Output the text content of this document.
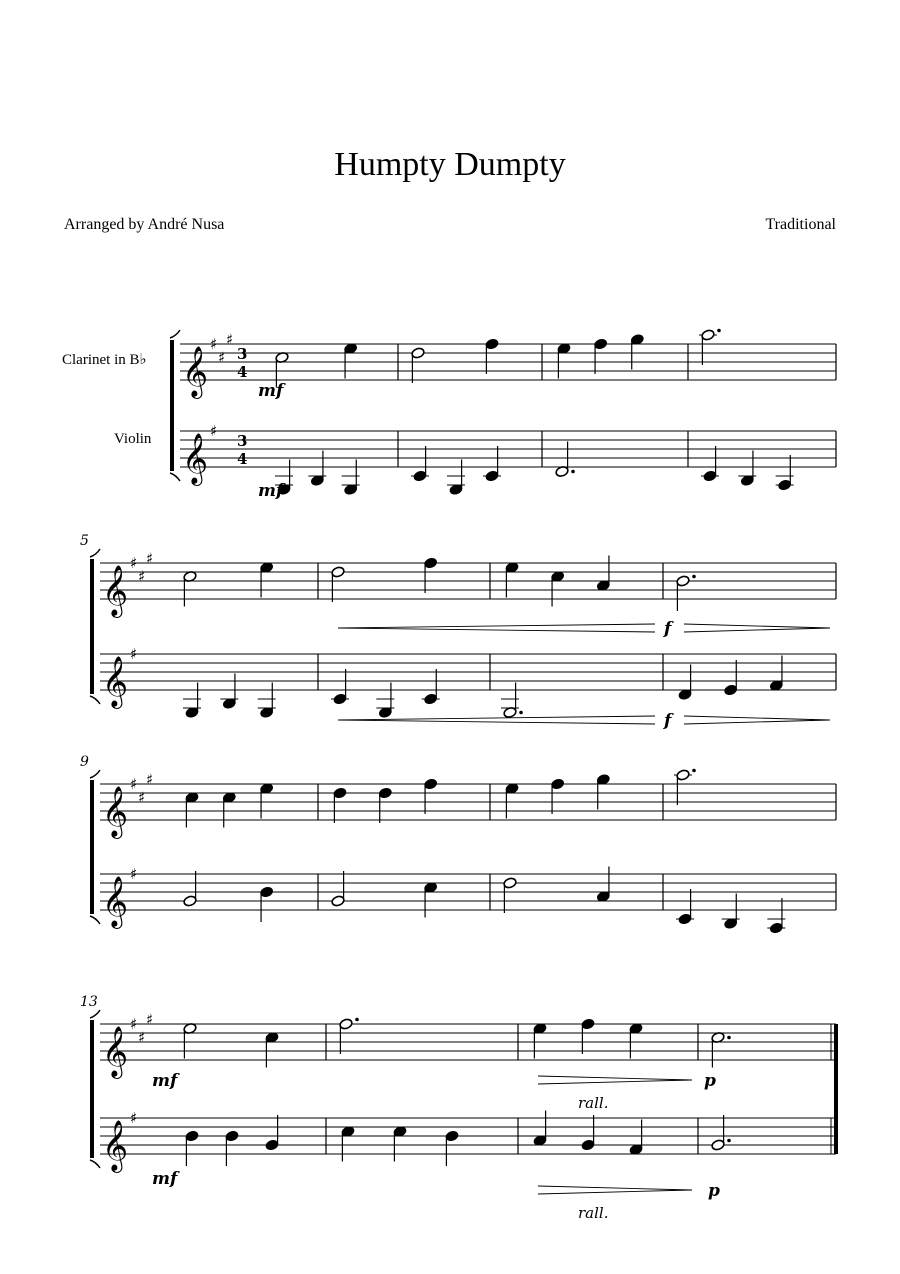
Humpty Dumpty
Arranged by André Nusa	Traditional
Clarinet in B♭
Violin
𝄞
𝄞
♯
♯
♯
♯
3
4
3
4
𝄞
𝄞
♯
♯
♯
♯
5
𝄞
𝄞
♯
♯
♯
♯
9
𝄞
𝄞
♯
♯
♯
♯
13
mf
mf
f
f
mf	p
rall.
mf
p
rall.
